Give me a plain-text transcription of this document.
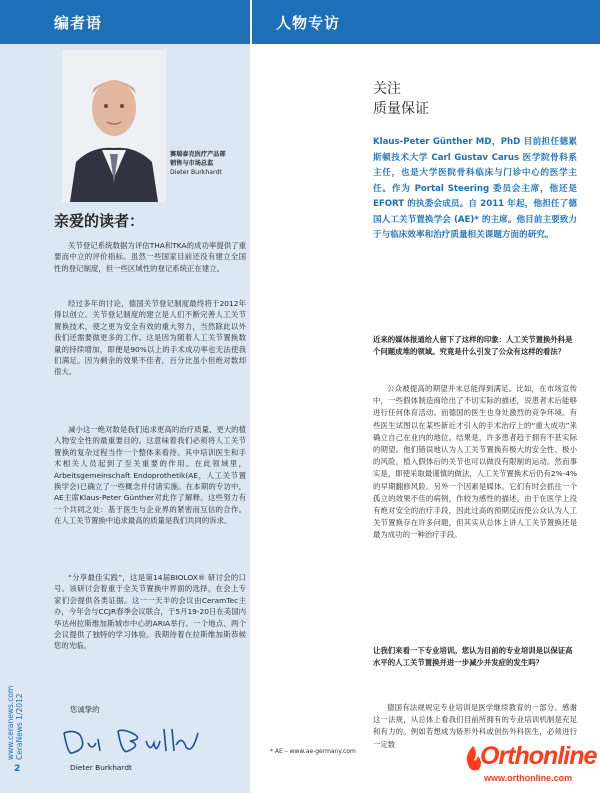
编者语	人物专访
赛瑞泰克医疗产品部
销售与市场总监
Dieter Burkhardt
亲爱的读者：

关节登记系统数据为评估THA和TKA的成功率提供了重要而中立的评价指标。虽然一些国家目前还没有建立全国性的登记制度，但一些区域性的登记系统正在建立。

经过多年的讨论，德国关节登记制度最终将于2012年得以创立。关节登记制度的建立是人们不断完善人工关节置换技术，使之更为安全有效的重大努力，当然除此以外我们还需要做更多的工作。这是因为随着人工关节置换数量的持续增加，即便是90%以上的手术成功率也无法使我们满足。因为剩余的效果不佳者，百分比虽小但绝对数却很大。

减小这一绝对数是我们追求更高的治疗质量、更大的植入物安全性的最重要目的。这意味着我们必须将人工关节置换的复杂过程当作一个整体来看待。其中培训医生和手术相关人员起到了至关重要的作用。在此领域里，Arbeitsgemeinschaft Endoprothetik(AE，人工关节置换学会)已确立了一些概念并付诸实施。在本期的专访中，AE主席Klaus-Peter Günther对此作了解释。这些努力有一个共同之处：基于医生与企业界的紧密而互信的合作。在人工关节置换中追求最高的质量是我们共同的诉求。

“分享最佳实践”，这是第14届BIOLOX® 研讨会的口号。该研讨会着重于全关节置换中界面的选择，在会上专家们会提供各类证据。这一一天半的会议由CeramTec主办，今年会与CCJR春季会议联合，于5月19-20日在美国内华达州拉斯维加斯城市中心的ARIA举行。一个地点、两个会议提供了独特的学习体验。我期待着在拉斯维加斯恭候您的光临。

您诚挚的
Dieter Burkhardt
www.ceranews.com CeraNews 1/2012
2
关注
质量保证

Klaus-Peter Günther MD，PhD 目前担任德累斯顿技术大学 Carl Gustav Carus 医学院骨科系主任，也是大学医院骨科临床与门诊中心的医学主任。作为 Portal Steering 委员会主席，他还是 EFORT 的执委会成员。自 2011 年起，他担任了德国人工关节置换学会 (AE)* 的主席。他目前主要致力于与临床效率和治疗质量相关课题方面的研究。

近来的媒体报道给人留下了这样的印象：人工关节置换外科是个问题成堆的领域。究竟是什么引发了公众有这样的看法？

公众被提高的期望并未总能得到满足。比如，在市场宣传中，一些假体制造商给出了不切实际的描述，说患者术后能够进行任何体育活动。而德国的医生也身处激烈的竞争环境。有些医生试图以在某些新近才引入的手术治疗上的“重大成功”来确立自己在业内的地位。结果是，许多患者趋于拥有不甚实际的期望。他们错误地认为人工关节置换有极大的安全性、极小的风险，植入假体后的关节也可以做没有限制的运动。然而事实是，即使采取最谨慎的做法，人工关节置换术后仍有2%-4%的早期翻修风险。另外一个因素是媒体。它们有时会抓住一个孤立的效果不佳的病例，作较为感性的描述。由于在医学上没有绝对安全的治疗手段，因此过高的预期反而使公众认为人工关节置换存在许多问题，但其实从总体上讲人工关节置换还是最为成功的一种治疗手段。

让我们来看一下专业培训。您认为目前的专业培训是以保证高水平的人工关节置换并进一步减少并发症的发生吗？

德国有法规规定专业培训是医学继续教育的一部分。感谢这一法规，从总体上看我们目前所拥有的专业培训机制是充足和有力的。例如若想成为矫形外科或创伤外科医生，必须进行一定数

* AE – www.ae-germany.com	Orthonline
www.orthonline.com
